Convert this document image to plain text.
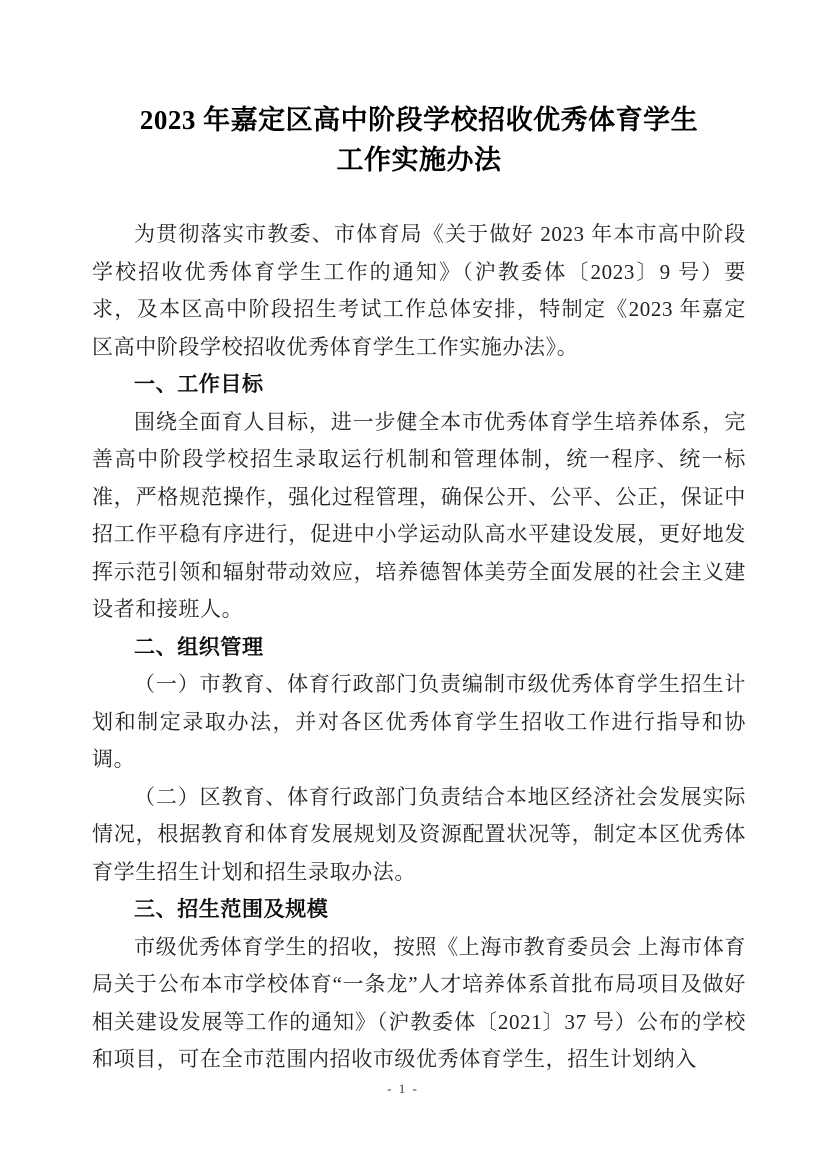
2023 年嘉定区高中阶段学校招收优秀体育学生
工作实施办法

为贯彻落实市教委、市体育局《关于做好 2023 年本市高中阶段学校招收优秀体育学生工作的通知》（沪教委体〔2023〕9 号）要求，及本区高中阶段招生考试工作总体安排，特制定《2023 年嘉定区高中阶段学校招收优秀体育学生工作实施办法》。

一、工作目标

围绕全面育人目标，进一步健全本市优秀体育学生培养体系，完善高中阶段学校招生录取运行机制和管理体制，统一程序、统一标准，严格规范操作，强化过程管理，确保公开、公平、公正，保证中招工作平稳有序进行，促进中小学运动队高水平建设发展，更好地发挥示范引领和辐射带动效应，培养德智体美劳全面发展的社会主义建设者和接班人。

二、组织管理

（一）市教育、体育行政部门负责编制市级优秀体育学生招生计划和制定录取办法，并对各区优秀体育学生招收工作进行指导和协调。

（二）区教育、体育行政部门负责结合本地区经济社会发展实际情况，根据教育和体育发展规划及资源配置状况等，制定本区优秀体育学生招生计划和招生录取办法。

三、招生范围及规模

市级优秀体育学生的招收，按照《上海市教育委员会 上海市体育局关于公布本市学校体育“一条龙”人才培养体系首批布局项目及做好相关建设发展等工作的通知》（沪教委体〔2021〕37 号）公布的学校和项目，可在全市范围内招收市级优秀体育学生，招生计划纳入

- 1 -
